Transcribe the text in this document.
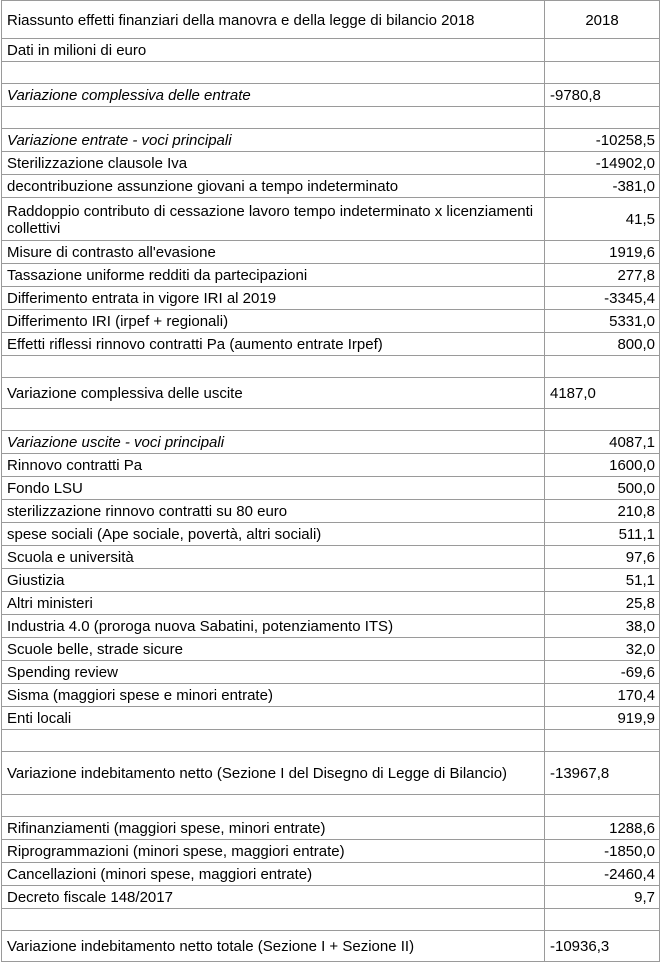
Riassunto effetti finanziari della manovra e della legge di bilancio 2018	2018
Dati in milioni di euro	

Variazione complessiva delle entrate	-9780,8

Variazione entrate - voci principali	-10258,5
Sterilizzazione clausole Iva	-14902,0
decontribuzione assunzione giovani a tempo indeterminato	-381,0
Raddoppio contributo di cessazione lavoro tempo indeterminato x licenziamenti collettivi	41,5
Misure di contrasto all'evasione	1919,6
Tassazione uniforme redditi da partecipazioni	277,8
Differimento entrata in vigore IRI al 2019	-3345,4
Differimento IRI (irpef + regionali)	5331,0
Effetti riflessi rinnovo contratti Pa (aumento entrate Irpef)	800,0

Variazione complessiva delle uscite	4187,0

Variazione uscite - voci principali	4087,1
Rinnovo contratti Pa	1600,0
Fondo LSU	500,0
sterilizzazione rinnovo contratti su 80 euro	210,8
spese sociali (Ape sociale, povertà, altri sociali)	511,1
Scuola e università	97,6
Giustizia	51,1
Altri ministeri	25,8
Industria 4.0 (proroga nuova Sabatini, potenziamento ITS)	38,0
Scuole belle, strade sicure	32,0
Spending review	-69,6
Sisma (maggiori spese e minori entrate)	170,4
Enti locali	919,9

Variazione indebitamento netto (Sezione I del Disegno di Legge di Bilancio)	-13967,8

Rifinanziamenti (maggiori spese, minori entrate)	1288,6
Riprogrammazioni (minori spese, maggiori entrate)	-1850,0
Cancellazioni (minori spese, maggiori entrate)	-2460,4
Decreto fiscale 148/2017	9,7

Variazione indebitamento netto totale (Sezione I + Sezione II)	-10936,3
